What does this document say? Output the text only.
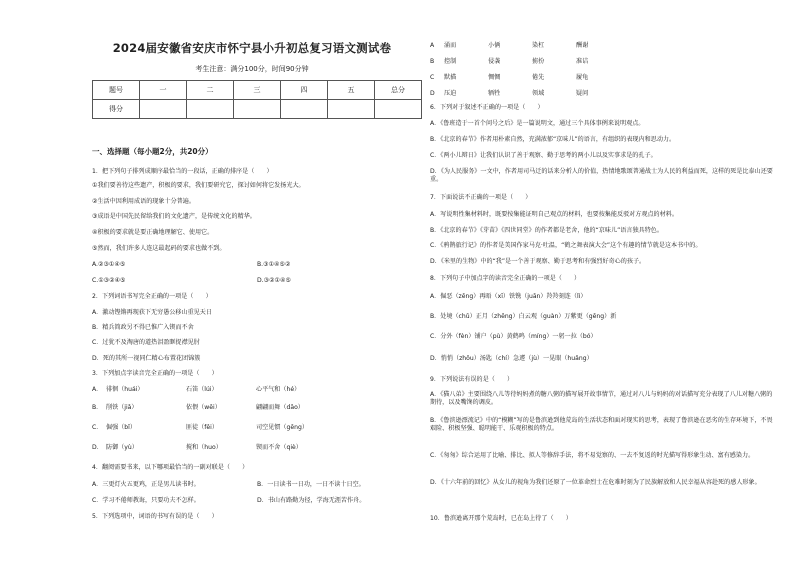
2024届安徽省安庆市怀宁县小升初总复习语文测试卷
考生注意：满分100分，时间90分钟
题号	一	二	三	四	五	总分
得分						
一、选择题（每小题2分，共20分）
1．把下列句子排列成顺序最恰当的一段话，正确的排序是（　　）
①我们要善待这些遗产，积极的要求，我们要研究它，探讨如何将它发扬光大。
②生活中因利用成语的现象十分普遍。
③成语是中国先民留给我们的文化遗产，是传统文化的精华。
④积极的要求就是要正确地理解它、使用它。
⑤然而，我们许多人连这最起码的要求也做不到。
A.②③①④⑤	B.③①④⑤②
C.①③②④⑤	D.③②①④⑤
2．下列词语书写完全正确的一项是（　　）
A．激动铿锵再现获下无穷愚公移山重见天日
B．精兵简政另不得已惟广入锲而不舍
C．过犹不及淘唐的道热泪盈眶捉襟见肘
D．死的其所一视同仁精心布置花团锦簇
3．下列加点字读音完全正确的一项是（　　）
A． 徘徊（huái）	石笛（lúi）	心平气和（hé）
B． 削铁（jiǎ）	依偎（wēi）	翩翩而舞（dāo）
C． 倔强（bǐ）	匪徒（fěi）	司空见惯（gēng）
D． 防御（yù）	搅和（huo）	锲而不舍（qiè）
4．翻阅需要书来，以下哪项最恰当的一副对联是（　　）
A．三更灯火五更鸡，正是男儿读书时。	B．一日读书一日功，一日不读十日空。
C．学习不倦师教诲，只要功夫不怎样。	D．书山有路勤为径，学海无涯苦作舟。
5．下列选项中，词语的书写有误的是（　　）
A 涌而	小俩	染杠	酬谢
B 控制	侵袭	掳扮	准诘
C 默描	惆惆	倦先	履龟
D 压迫	牺牲	领域	疑问
6．下列对于叙述不正确的一项是（　　）
A．《鲁班造于一首个问号之后》是一篇说明文，通过三个具体事例来说明观点。
B．《北京的春节》作者用朴素自然，充满浓郁“京味儿”的语言，有组织的表现内和思动力。
C．《两小儿辩日》让我们认识了善于观察、勤于思考的两小儿以及实事求是的孔子。
D．《为人民服务》一文中，作者用司马迁的话来分析人的价值，热情地歌颂普通战士为人民的利益而死，这样的死是比泰山还要重。
7．下面说法不正确的一项是（　　）
A．写说明性集材料时，既要按集能证明自己观点的材料，也要按集能反驳对方观点的材料。
B．《北京的春节》《芽苗》《四世同堂》的作者都是老舍，他的“京味儿”语言独具特色。
C．《鸦鹊旅行记》的作者是美国作家马克·吐温，“鹤之舞表演大会”这个有趣的情节就是这本书中的。
D．《米里的生物》中的“我”是一个善于观察、勤于思考和有强烈好奇心的孩子。
8．下列句子中加点字的读音完全正确的一项是（　　）
A．倔恶（zēng）再晤（xī）铁镌（juān）羚羚刻连（lì）
B．处境（chǔ）正月（zhēng）白云观（guàn）万紫更（gēng）新
C．分外（fèn）铺户（pù）黄鹤鸣（míng）一躬一拉（bó）
D．悄悄（zhōu）汤匙（chí）急遽（jù）一晃眼（huǎng）
9．下列说法有误的是（　　）
A．《猫八弟》主要围绕八儿等待妈妈煮的糖八粥的描写展开故事情节，通过对八儿与妈妈的对话描写充分表现了八儿对糖八粥的期待，以及嘴馋的调皮。
B．《鲁滨逊漂流记》中的“模糊”写的是鲁滨逊到他荒岛的生活状态和面对现实的思考，表现了鲁滨逊在恶劣的生存环境下，不畏艰险、积极坚强、聪明能干、乐观积极的特点。
C．《匆匆》综合运用了比喻、排比、拟人等修辞手法，将不易觉察的、一去不复返的时光描写得形象生动、富有感染力。
D．《十六年前的回忆》从女儿的视角为我们还原了一位革命烈士在危难时刻为了民族解放和人民幸福从容赴死的感人形象。
10．鲁滨逊离开那个荒岛时，已在岛上待了（　　）
